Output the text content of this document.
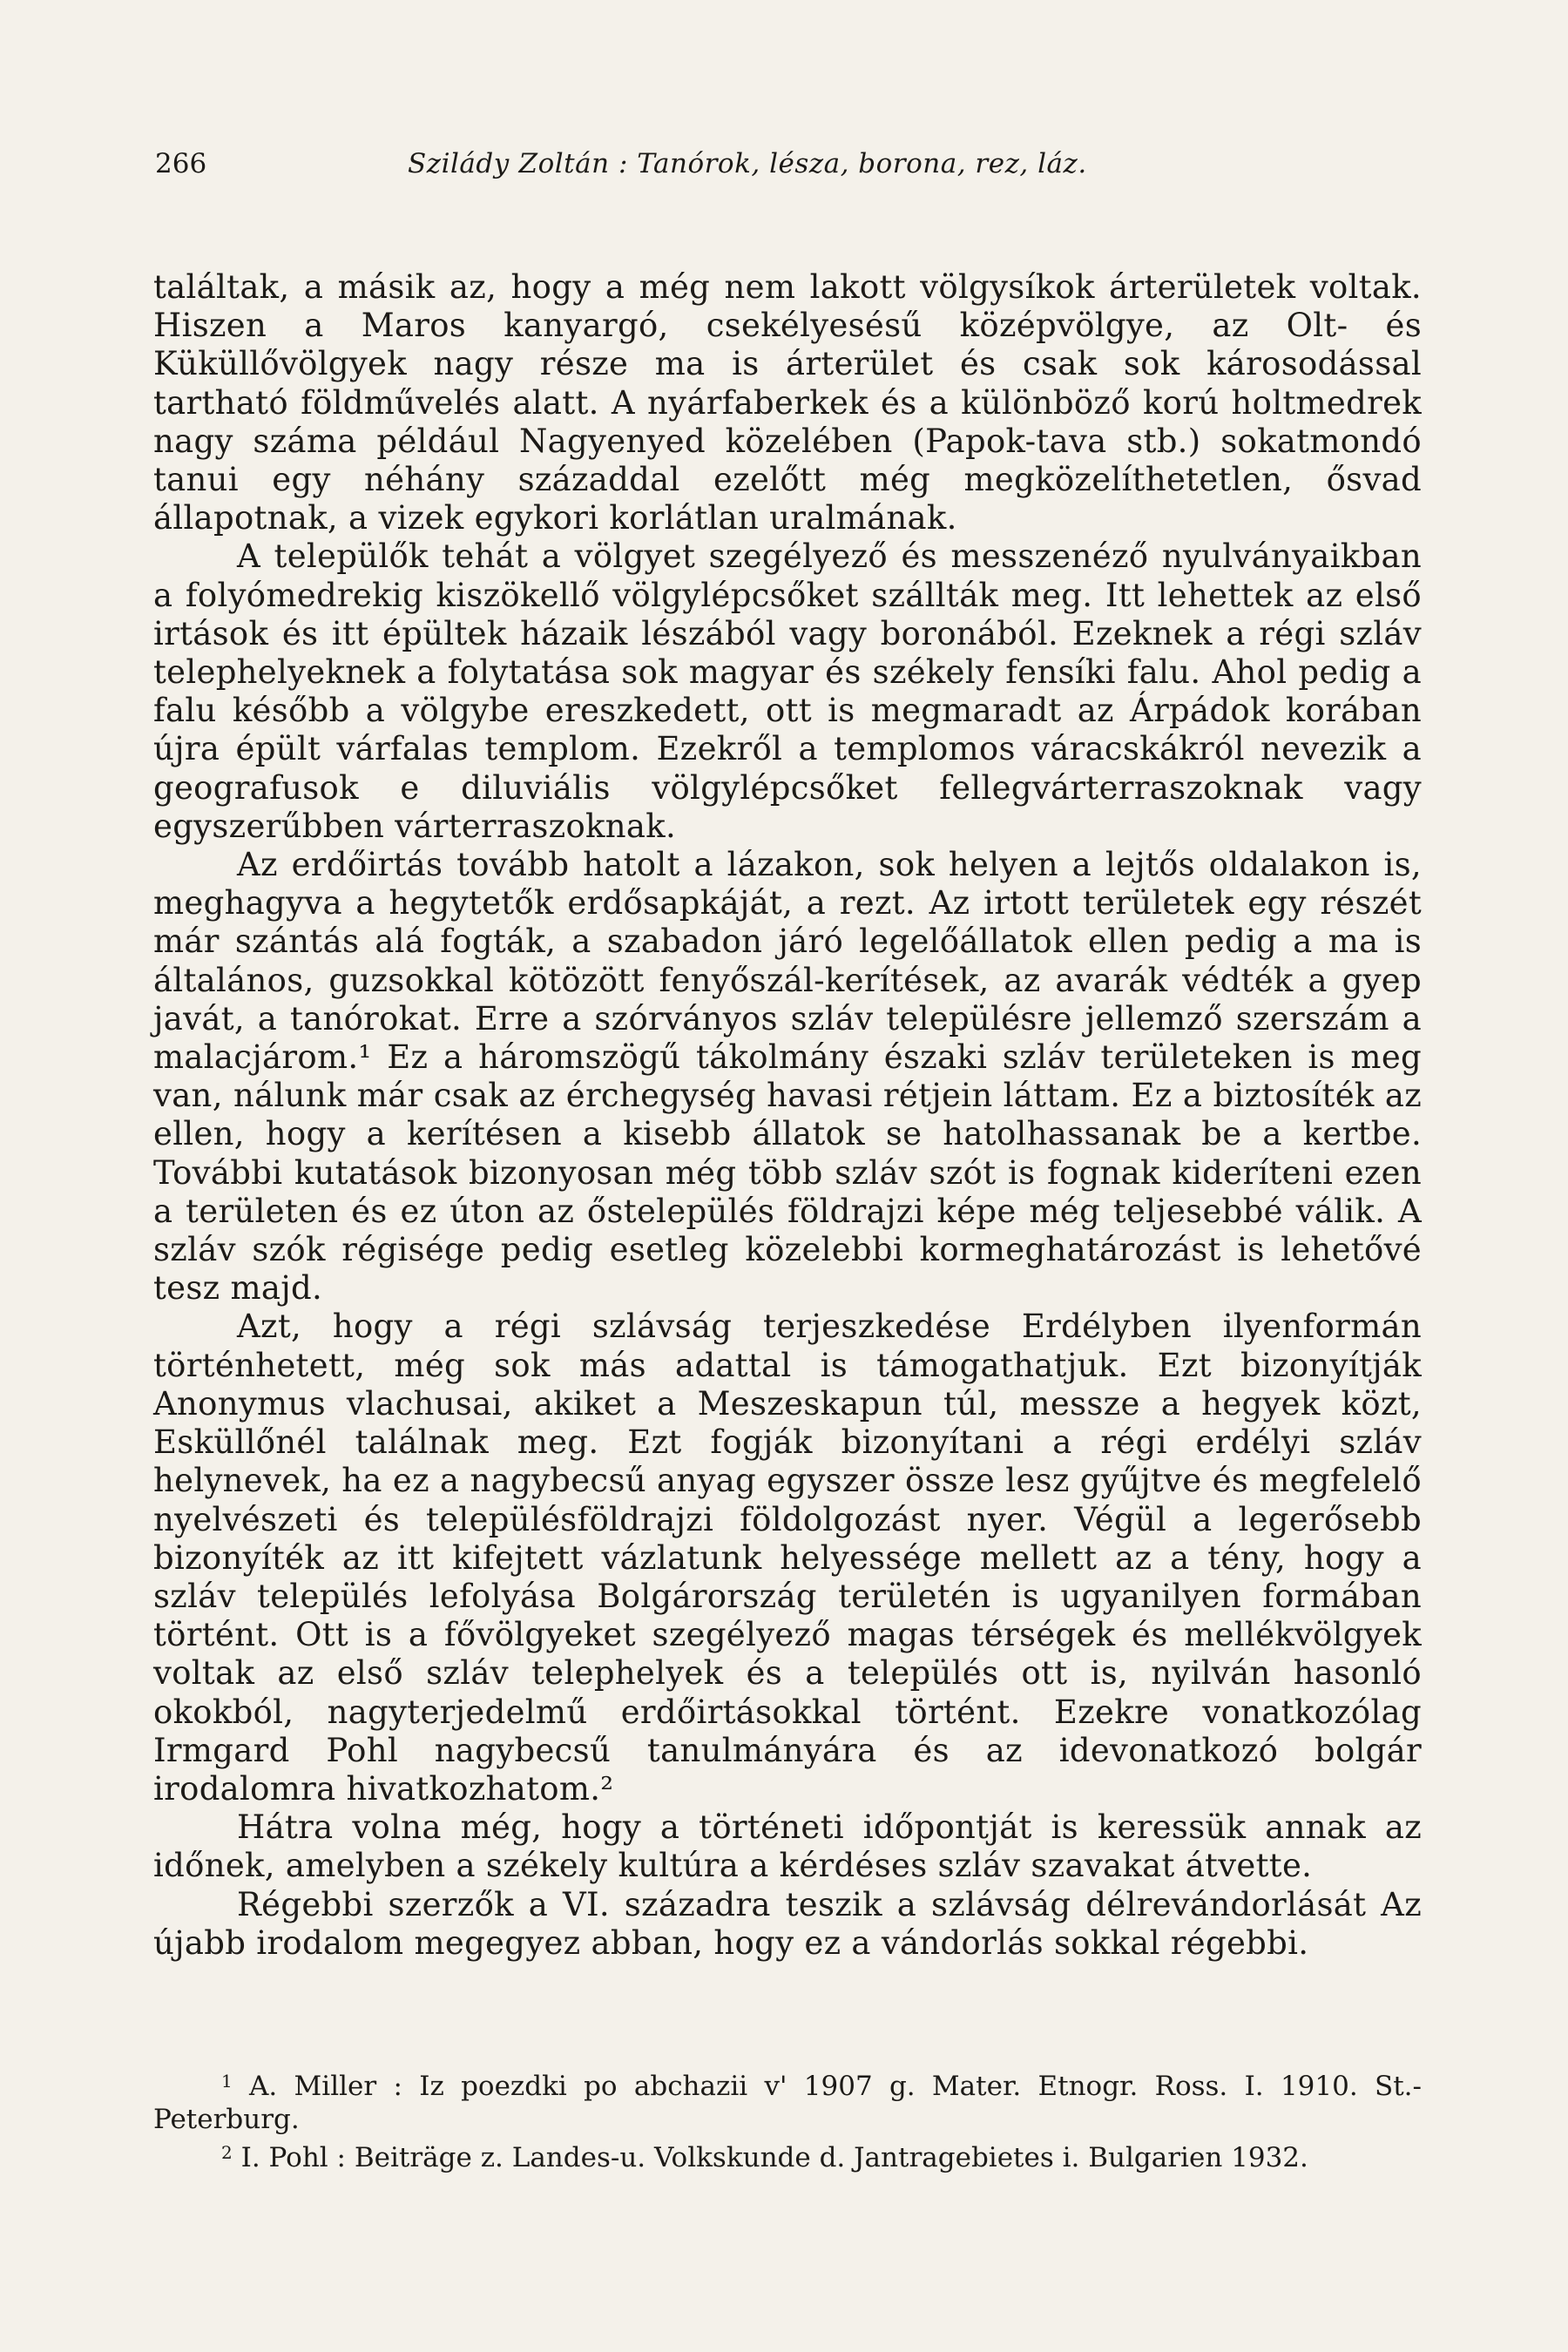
266	Sziládу Zoltán : Tanórok, lésza, borona, rez, láz.

találtak, a másik az, hogy a még nem lakott völgysíkok árterületek voltak. Hiszen a Maros kanyargó, csekélyesésű középvölgye, az Olt- és Küküllővölgyek nagy része ma is árterület és csak sok károsodással tartható földművelés alatt. A nyárfaberkek és a különböző korú holtmedrek nagy száma például Nagyenyed közelében (Papok-tava stb.) sokatmondó tanui egy néhány századdal ezelőtt még megközelíthetetlen, ősvad állapotnak, a vizek egykori korlátlan uralmának.

A települők tehát a völgyet szegélyező és messzenéző nyulványaikban a folyómedrekig kiszökellő völgylépcsőket szállták meg. Itt lehettek az első irtások és itt épültek házaik lészából vagy boronából. Ezeknek a régi szláv telephelyeknek a folytatása sok magyar és székely fensíki falu. Ahol pedig a falu később a völgybe ereszkedett, ott is megmaradt az Árpádok korában újra épült várfalas templom. Ezekről a templomos váracskákról nevezik a geografusok e diluviális völgylépcsőket fellegvárterraszoknak vagy egyszerűbben várterraszoknak.

Az erdőirtás tovább hatolt a lázakon, sok helyen a lejtős oldalakon is, meghagyva a hegytetők erdősapkáját, a rezt. Az irtott területek egy részét már szántás alá fogták, a szabadon járó legelőállatok ellen pedig a ma is általános, guzsokkal kötözött fenyőszál-kerítések, az avarák védték a gyep javát, a tanórokat. Erre a szórványos szláv településre jellemző szerszám a malacjárom.¹ Ez a háromszögű tákolmány északi szláv területeken is meg van, nálunk már csak az érchegység havasi rétjein láttam. Ez a biztosíték az ellen, hogy a kerítésen a kisebb állatok se hatolhassanak be a kertbe. További kutatások bizonyosan még több szláv szót is fognak kideríteni ezen a területen és ez úton az őstelepülés földrajzi képe még teljesebbé válik. A szláv szók régisége pedig esetleg közelebbi kormeghatározást is lehetővé tesz majd.

Azt, hogy a régi szlávság terjeszkedése Erdélyben ilyenformán történhetett, még sok más adattal is támogathatjuk. Ezt bizonyítják Anonymus vlachusai, akiket a Meszeskapun túl, messze a hegyek közt, Esküllőnél találnak meg. Ezt fogják bizonyítani a régi erdélyi szláv helynevek, ha ez a nagybecsű anyag egyszer össze lesz gyűjtve és megfelelő nyelvészeti és településföldrajzi földolgozást nyer. Végül a legerősebb bizonyíték az itt kifejtett vázlatunk helyessége mellett az a tény, hogy a szláv település lefolyása Bolgárország területén is ugyanilyen formában történt. Ott is a fővölgyeket szegélyező magas térségek és mellékvölgyek voltak az első szláv telephelyek és a település ott is, nyilván hasonló okokból, nagyterjedelmű erdőirtásokkal történt. Ezekre vonatkozólag Irmgard Pohl nagybecsű tanulmányára és az idevonatkozó bolgár irodalomra hivatkozhatom.²

Hátra volna még, hogy a történeti időpontját is keressük annak az időnek, amelyben a székely kultúra a kérdéses szláv szavakat átvette.

Régebbi szerzők a VI. századra teszik a szlávság délrevándorlását Az újabb irodalom megegyez abban, hogy ez a vándorlás sokkal régebbi.

$^1$ A. Miller : Iz poezdki po abchazii v' 1907 g. Mater. Etnogr. Ross. I. 1910. St.-Peterburg.

$^2$ I. Pohl : Beiträge z. Landes-u. Volkskunde d. Jantragebietes i. Bulgarien 1932.
